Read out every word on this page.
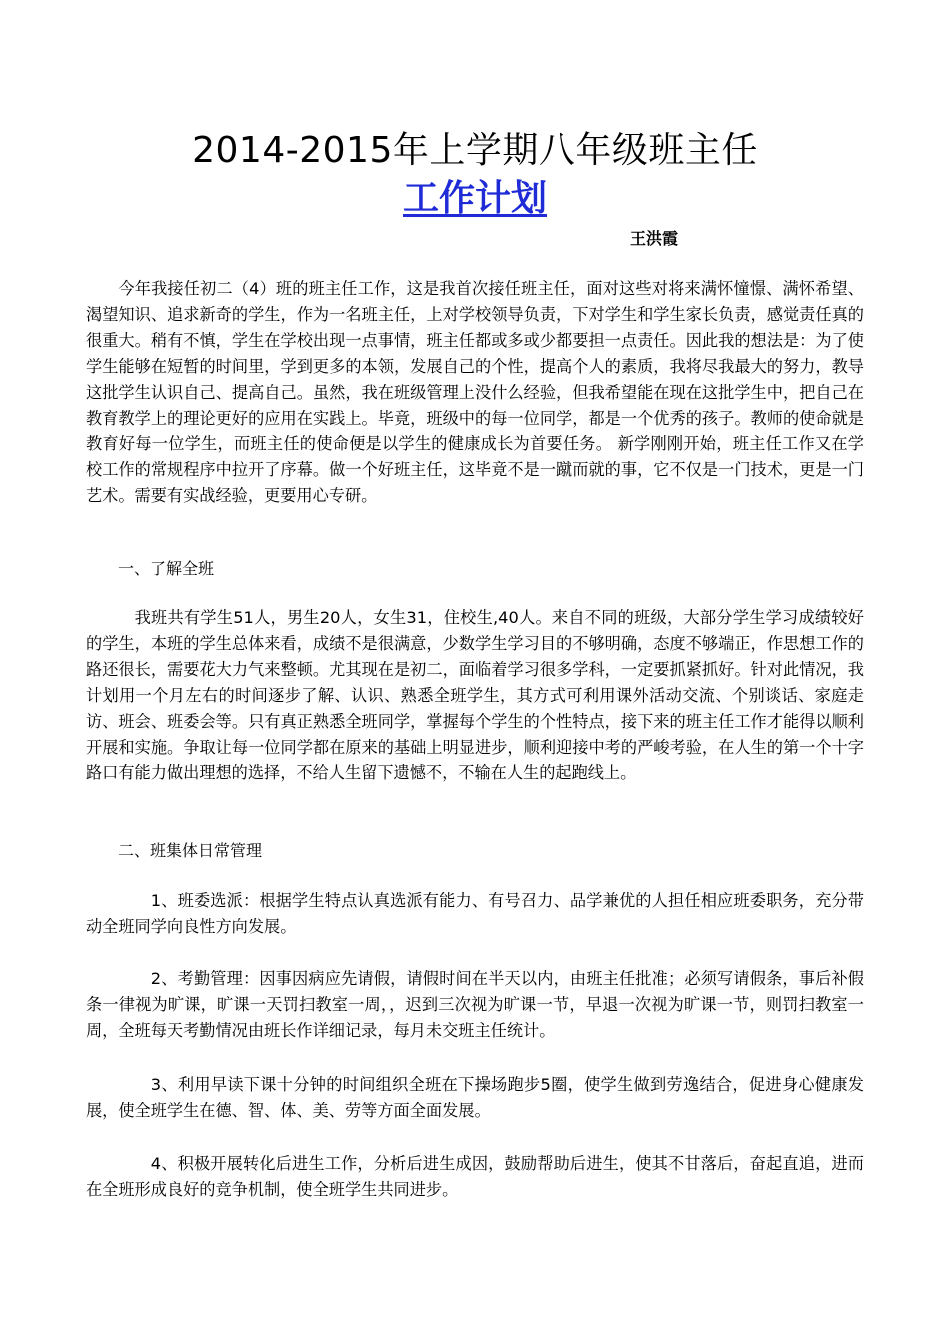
2014-2015年上学期八年级班主任
工作计划
王洪霞

今年我接任初二（4）班的班主任工作，这是我首次接任班主任，面对这些对将来满怀憧憬、满怀希望、渴望知识、追求新奇的学生，作为一名班主任，上对学校领导负责，下对学生和学生家长负责，感觉责任真的很重大。稍有不慎，学生在学校出现一点事情，班主任都或多或少都要担一点责任。因此我的想法是：为了使学生能够在短暂的时间里，学到更多的本领，发展自己的个性，提高个人的素质，我将尽我最大的努力，教导这批学生认识自己、提高自己。虽然，我在班级管理上没什么经验，但我希望能在现在这批学生中，把自己在教育教学上的理论更好的应用在实践上。毕竟，班级中的每一位同学，都是一个优秀的孩子。教师的使命就是教育好每一位学生，而班主任的使命便是以学生的健康成长为首要任务。 新学刚刚开始，班主任工作又在学校工作的常规程序中拉开了序幕。做一个好班主任，这毕竟不是一蹴而就的事，它不仅是一门技术，更是一门艺术。需要有实战经验，更要用心专研。

一、了解全班

我班共有学生51人，男生20人，女生31，住校生,40人。来自不同的班级，大部分学生学习成绩较好的学生，本班的学生总体来看，成绩不是很满意，少数学生学习目的不够明确，态度不够端正，作思想工作的路还很长，需要花大力气来整顿。尤其现在是初二，面临着学习很多学科，一定要抓紧抓好。针对此情况，我计划用一个月左右的时间逐步了解、认识、熟悉全班学生，其方式可利用课外活动交流、个别谈话、家庭走访、班会、班委会等。只有真正熟悉全班同学，掌握每个学生的个性特点，接下来的班主任工作才能得以顺利开展和实施。争取让每一位同学都在原来的基础上明显进步，顺利迎接中考的严峻考验，在人生的第一个十字路口有能力做出理想的选择，不给人生留下遗憾不，不输在人生的起跑线上。

二、班集体日常管理

1、班委选派：根据学生特点认真选派有能力、有号召力、品学兼优的人担任相应班委职务，充分带动全班同学向良性方向发展。

2、考勤管理：因事因病应先请假，请假时间在半天以内，由班主任批准；必须写请假条，事后补假条一律视为旷课，旷课一天罚扫教室一周，，迟到三次视为旷课一节，早退一次视为旷课一节，则罚扫教室一周，全班每天考勤情况由班长作详细记录，每月未交班主任统计。

3、利用早读下课十分钟的时间组织全班在下操场跑步5圈，使学生做到劳逸结合，促进身心健康发展，使全班学生在德、智、体、美、劳等方面全面发展。

4、积极开展转化后进生工作，分析后进生成因，鼓励帮助后进生，使其不甘落后，奋起直追，进而在全班形成良好的竞争机制，使全班学生共同进步。
